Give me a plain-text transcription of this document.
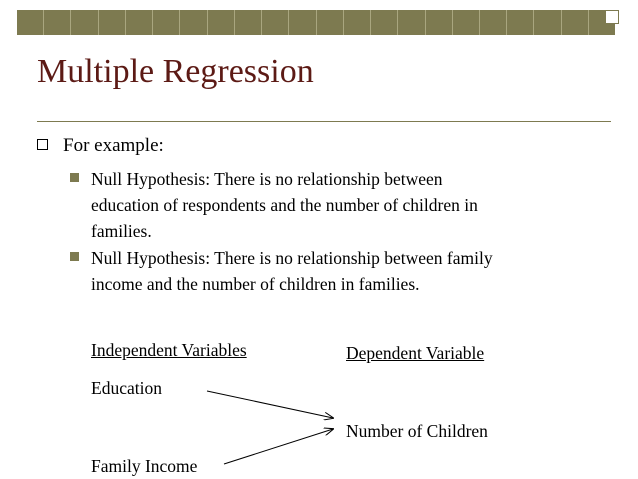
Multiple Regression
For example:
Null Hypothesis: There is no relationship between
education of respondents and the number of children in
families.
Null Hypothesis: There is no relationship between family
income and the number of children in families.
Independent Variables	Dependent Variable
Education
Family Income
Number of Children
